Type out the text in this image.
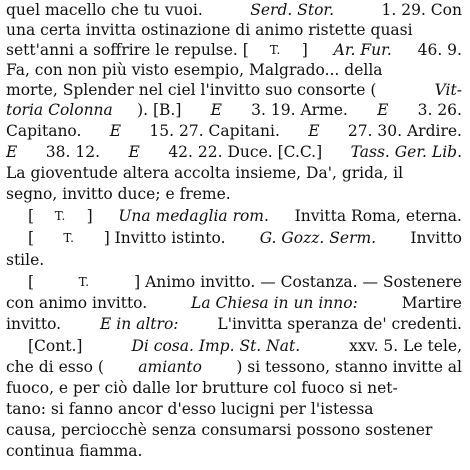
quel macello che tu vuoi.	Serd. Stor.	1. 29. Con
una certa invitta ostinazione di animo ristette quasi
sett'anni a soffrire le repulse. [ T. ] Ar. Fur. 46. 9.
Fa, con non più visto esempio, Malgrado... della
morte, Splender nel ciel l'invitto suo consorte (	Vit-
toria Colonna ). [B.] E 3. 19. Arme. E 3. 26.
Capitano. E 15. 27. Capitani. E 27. 30. Ardire.
E 38. 12. E 42. 22. Duce. [C.C.] Tass. Ger. Lib.
La gioventude altera accolta insieme, Da', grida, il
segno, invitto duce; e freme.
[ T. ] Una medaglia rom. Invitta Roma, eterna.
[ T. ] Invitto istinto. G. Gozz. Serm. Invitto
stile.
[	T.	] Animo invitto. — Costanza. — Sostenere
con animo invitto.	La Chiesa in un inno:	Martire
invitto. E in altro: L'invitta speranza de' credenti.
[Cont.]	Di cosa. Imp. St. Nat.	xxv. 5. Le tele,
che di esso ( amianto ) si tessono, stanno invitte al
fuoco, e per ciò dalle lor brutture col fuoco si net-
tano: si fanno ancor d'esso lucigni per l'istessa
causa, perciocchè senza consumarsi possono sostener
continua fiamma.
